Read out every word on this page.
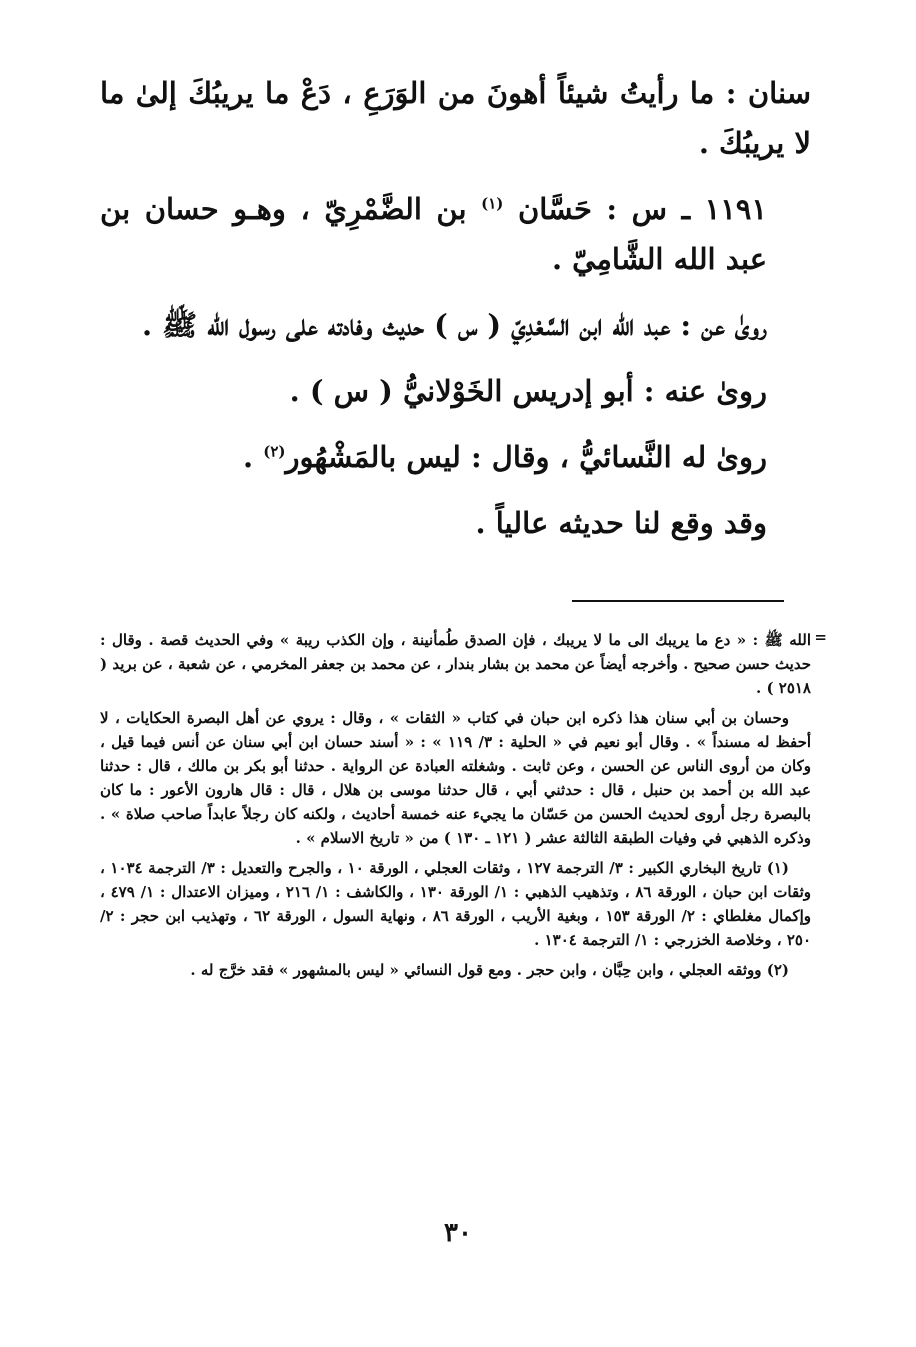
سنان : ما رأيتُ شيئاً أهونَ من الوَرَعِ ، دَعْ ما يريبُكَ إلىٰ ما لا يريبُكَ .

١١٩١ ـ س : حَسَّان $^{(١)}$ بن الضَّمْرِيّ ، وهـو حسان بن عبد الله الشَّامِيّ .

روىٰ عن : عبد الله ابن السَّعْدِيّ ( س ) حديث وفادته على رسول الله ﷺ .

روىٰ عنه : أبو إدريس الخَوْلانيُّ ( س ) .

روىٰ له النَّسائيُّ ، وقال : ليس بالمَشْهُور$^{(٢)}$ .

وقد وقع لنا حديثه عالياً .

=

الله ﷺ : « دع ما يريبك الى ما لا يريبك ، فإن الصدق طُمأنينة ، وإن الكذب ريبة » وفي الحديث قصة . وقال : حديث حسن صحيح . وأخرجه أيضاً عن محمد بن بشار بندار ، عن محمد بن جعفر المخرمي ، عن شعبة ، عن بريد ( ٢٥١٨ ) .

وحسان بن أبي سنان هذا ذكره ابن حبان في كتاب « الثقات » ، وقال : يروي عن أهل البصرة الحكايات ، لا أحفظ له مسنداً » . وقال أبو نعيم في « الحلية : ٣/ ١١٩ » : « أسند حسان ابن أبي سنان عن أنس فيما قيل ، وكان من أروى الناس عن الحسن ، وعن ثابت . وشغلته العبادة عن الرواية . حدثنا أبو بكر بن مالك ، قال : حدثنا عبد الله بن أحمد بن حنبل ، قال : حدثني أبي ، قال حدثنا موسى بن هلال ، قال : قال هارون الأعور : ما كان بالبصرة رجل أروى لحديث الحسن من حَسّان ما يجيء عنه خمسة أحاديث ، ولكنه كان رجلاً عابداً صاحب صلاة » . وذكره الذهبي في وفيات الطبقة الثالثة عشر ( ١٢١ ـ ١٣٠ ) من « تاريخ الاسلام » .

(١) تاريخ البخاري الكبير : ٣/ الترجمة ١٢٧ ، وثقات العجلي ، الورقة ١٠ ، والجرح والتعديل : ٣/ الترجمة ١٠٣٤ ، وثقات ابن حبان ، الورقة ٨٦ ، وتذهيب الذهبي : ١/ الورقة ١٣٠ ، والكاشف : ١/ ٢١٦ ، وميزان الاعتدال : ١/ ٤٧٩ ، وإكمال مغلطاي : ٢/ الورقة ١٥٣ ، وبغية الأريب ، الورقة ٨٦ ، ونهاية السول ، الورقة ٦٢ ، وتهذيب ابن حجر : ٢/ ٢٥٠ ، وخلاصة الخزرجي : ١/ الترجمة ١٣٠٤ .

(٢) ووثقه العجلي ، وابن حِبَّان ، وابن حجر . ومع قول النسائي « ليس بالمشهور » فقد خرَّج له .

٣٠
